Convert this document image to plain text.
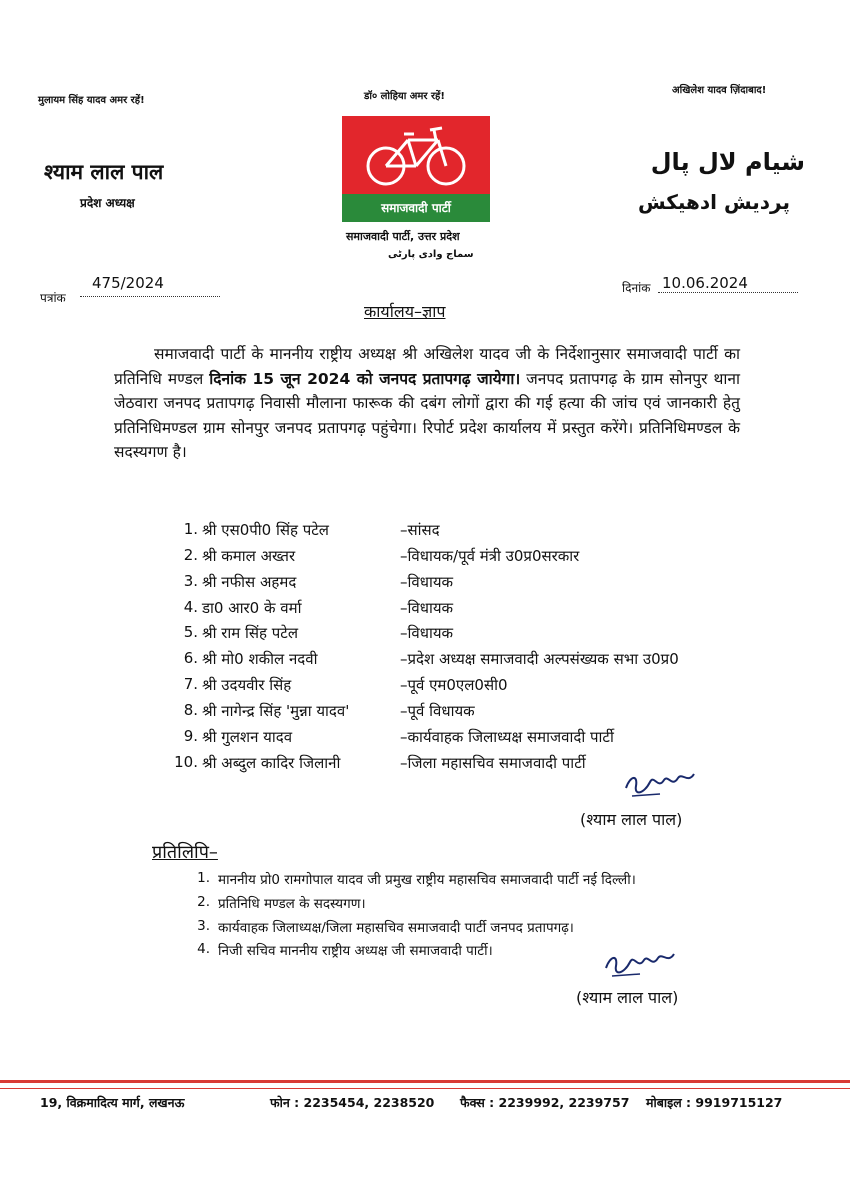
मुलायम सिंह यादव अमर रहें!	डॉ० लोहिया अमर रहें!
अखिलेश यादव ज़िंदाबाद!
श्याम लाल पाल
प्रदेश अध्यक्ष
شیام لال پال
پردیش ادھیکش
समाजवादी पार्टी
समाजवादी पार्टी, उत्तर प्रदेश
سماج وادی پارٹی
पत्रांक
475/2024	दिनांक 10.06.2024
कार्यालय–ज्ञाप
समाजवादी पार्टी के माननीय राष्ट्रीय अध्यक्ष श्री अखिलेश यादव जी के निर्देशानुसार समाजवादी पार्टी का प्रतिनिधि मण्डल दिनांक 15 जून 2024 को जनपद प्रतापगढ़ जायेगा। जनपद प्रतापगढ़ के ग्राम सोनपुर थाना जेठवारा जनपद प्रतापगढ़ निवासी मौलाना फारूक की दबंग लोगों द्वारा की गई हत्या की जांच एवं जानकारी हेतु प्रतिनिधिमण्डल ग्राम सोनपुर जनपद प्रतापगढ़ पहुंचेगा। रिपोर्ट प्रदेश कार्यालय में प्रस्तुत करेंगे। प्रतिनिधिमण्डल के सदस्यगण है।
1. श्री एस0पी0 सिंह पटेल	–सांसद
2. श्री कमाल अख्तर	–विधायक/पूर्व मंत्री उ0प्र0सरकार
3. श्री नफीस अहमद	–विधायक
4. डा0 आर0 के वर्मा	–विधायक
5. श्री राम सिंह पटेल	–विधायक
6. श्री मो0 शकील नदवी	–प्रदेश अध्यक्ष समाजवादी अल्पसंख्यक सभा उ0प्र0
7. श्री उदयवीर सिंह	–पूर्व एम0एल0सी0
8. श्री नागेन्द्र सिंह 'मुन्ना यादव'	–पूर्व विधायक
9. श्री गुलशन यादव	–कार्यवाहक जिलाध्यक्ष समाजवादी पार्टी
10. श्री अब्दुल कादिर जिलानी	–जिला महासचिव समाजवादी पार्टी
(श्याम लाल पाल)
प्रतिलिपि–
1. माननीय प्रो0 रामगोपाल यादव जी प्रमुख राष्ट्रीय महासचिव समाजवादी पार्टी नई दिल्ली।
2. प्रतिनिधि मण्डल के सदस्यगण।
3. कार्यवाहक जिलाध्यक्ष/जिला महासचिव समाजवादी पार्टी जनपद प्रतापगढ़।
4. निजी सचिव माननीय राष्ट्रीय अध्यक्ष जी समाजवादी पार्टी।
(श्याम लाल पाल)
19, विक्रमादित्य मार्ग, लखनऊ	फोन : 2235454, 2238520 फैक्स : 2239992, 2239757 मोबाइल : 9919715127
